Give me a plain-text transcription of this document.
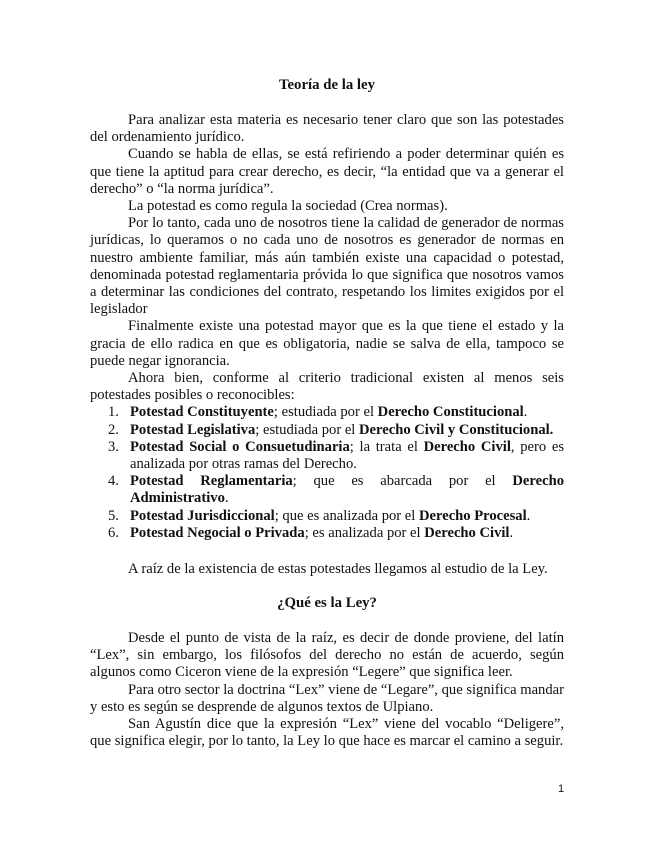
Teoría de la ley

Para analizar esta materia es necesario tener claro que son las potestades del ordenamiento jurídico.

Cuando se habla de ellas, se está refiriendo a poder determinar quién es que tiene la aptitud para crear derecho, es decir, “la entidad que va a generar el derecho” o “la norma jurídica”.

La potestad es como regula la sociedad (Crea normas).

Por lo tanto, cada uno de nosotros tiene la calidad de generador de normas jurídicas, lo queramos o no cada uno de nosotros es generador de normas en nuestro ambiente familiar, más aún también existe una capacidad o potestad, denominada potestad reglamentaria próvida lo que significa que nosotros vamos a determinar las condiciones del contrato, respetando los limites exigidos por el legislador

Finalmente existe una potestad mayor que es la que tiene el estado y la gracia de ello radica en que es obligatoria, nadie se salva de ella, tampoco se puede negar ignorancia.

Ahora bien, conforme al criterio tradicional existen al menos seis potestades posibles o reconocibles:

1. Potestad Constituyente; estudiada por el Derecho Constitucional.
2. Potestad Legislativa; estudiada por el Derecho Civil y Constitucional.
3. Potestad Social o Consuetudinaria; la trata el Derecho Civil, pero es analizada por otras ramas del Derecho.
4. Potestad Reglamentaria; que es abarcada por el Derecho Administrativo.
5. Potestad Jurisdiccional; que es analizada por el Derecho Procesal.
6. Potestad Negocial o Privada; es analizada por el Derecho Civil.

A raíz de la existencia de estas potestades llegamos al estudio de la Ley.

¿Qué es la Ley?

Desde el punto de vista de la raíz, es decir de donde proviene, del latín “Lex”, sin embargo, los filósofos del derecho no están de acuerdo, según algunos como Ciceron viene de la expresión “Legere” que significa leer.

Para otro sector la doctrina “Lex” viene de “Legare”, que significa mandar y esto es según se desprende de algunos textos de Ulpiano.

San Agustín dice que la expresión “Lex” viene del vocablo “Deligere”, que significa elegir, por lo tanto, la Ley lo que hace es marcar el camino a seguir.

1
